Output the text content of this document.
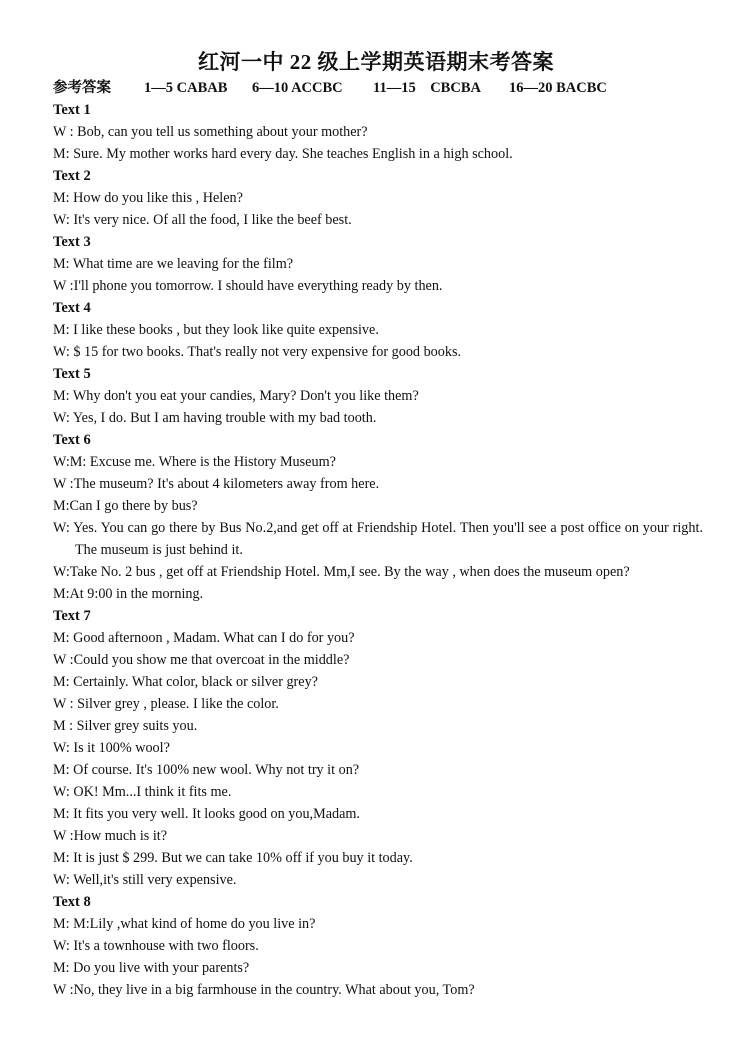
红河一中 22 级上学期英语期末考答案
参考答案 1—5 CABAB 6—10 ACCBC 11—15    CBCBA 16—20 BACBC
Text 1
W : Bob, can you tell us something about your mother?
M: Sure. My mother works hard every day. She teaches English in a high school.
Text 2
M: How do you like this , Helen?
W: It's very nice. Of all the food, I like the beef best.
Text 3
M: What time are we leaving for the film?
W :I'll phone you tomorrow. I should have everything ready by then.
Text 4
M: I like these books , but they look like quite expensive.
W: $ 15 for two books. That's really not very expensive for good books.
Text 5
M: Why don't you eat your candies, Mary? Don't you like them?
W: Yes, I do. But I am having trouble with my bad tooth.
Text 6
W:M: Excuse me. Where is the History Museum?
W :The museum? It's about 4 kilometers away from here.
M:Can I go there by bus?
W: Yes. You can go there by Bus No.2,and get off at Friendship Hotel. Then you'll see a post office on your right. The museum is just behind it.
W:Take No. 2 bus , get off at Friendship Hotel. Mm,I see. By the way , when does the museum open?
M:At 9:00 in the morning.
Text 7
M: Good afternoon , Madam. What can I do for you?
W :Could you show me that overcoat in the middle?
M: Certainly. What color, black or silver grey?
W : Silver grey , please. I like the color.
M : Silver grey suits you.
W: Is it 100% wool?
M: Of course. It's 100% new wool. Why not try it on?
W: OK! Mm...I think it fits me.
M: It fits you very well. It looks good on you,Madam.
W :How much is it?
M: It is just $ 299. But we can take 10% off if you buy it today.
W: Well,it's still very expensive.
Text 8
M: M:Lily ,what kind of home do you live in?
W: It's a townhouse with two floors.
M: Do you live with your parents?
W :No, they live in a big farmhouse in the country. What about you, Tom?
